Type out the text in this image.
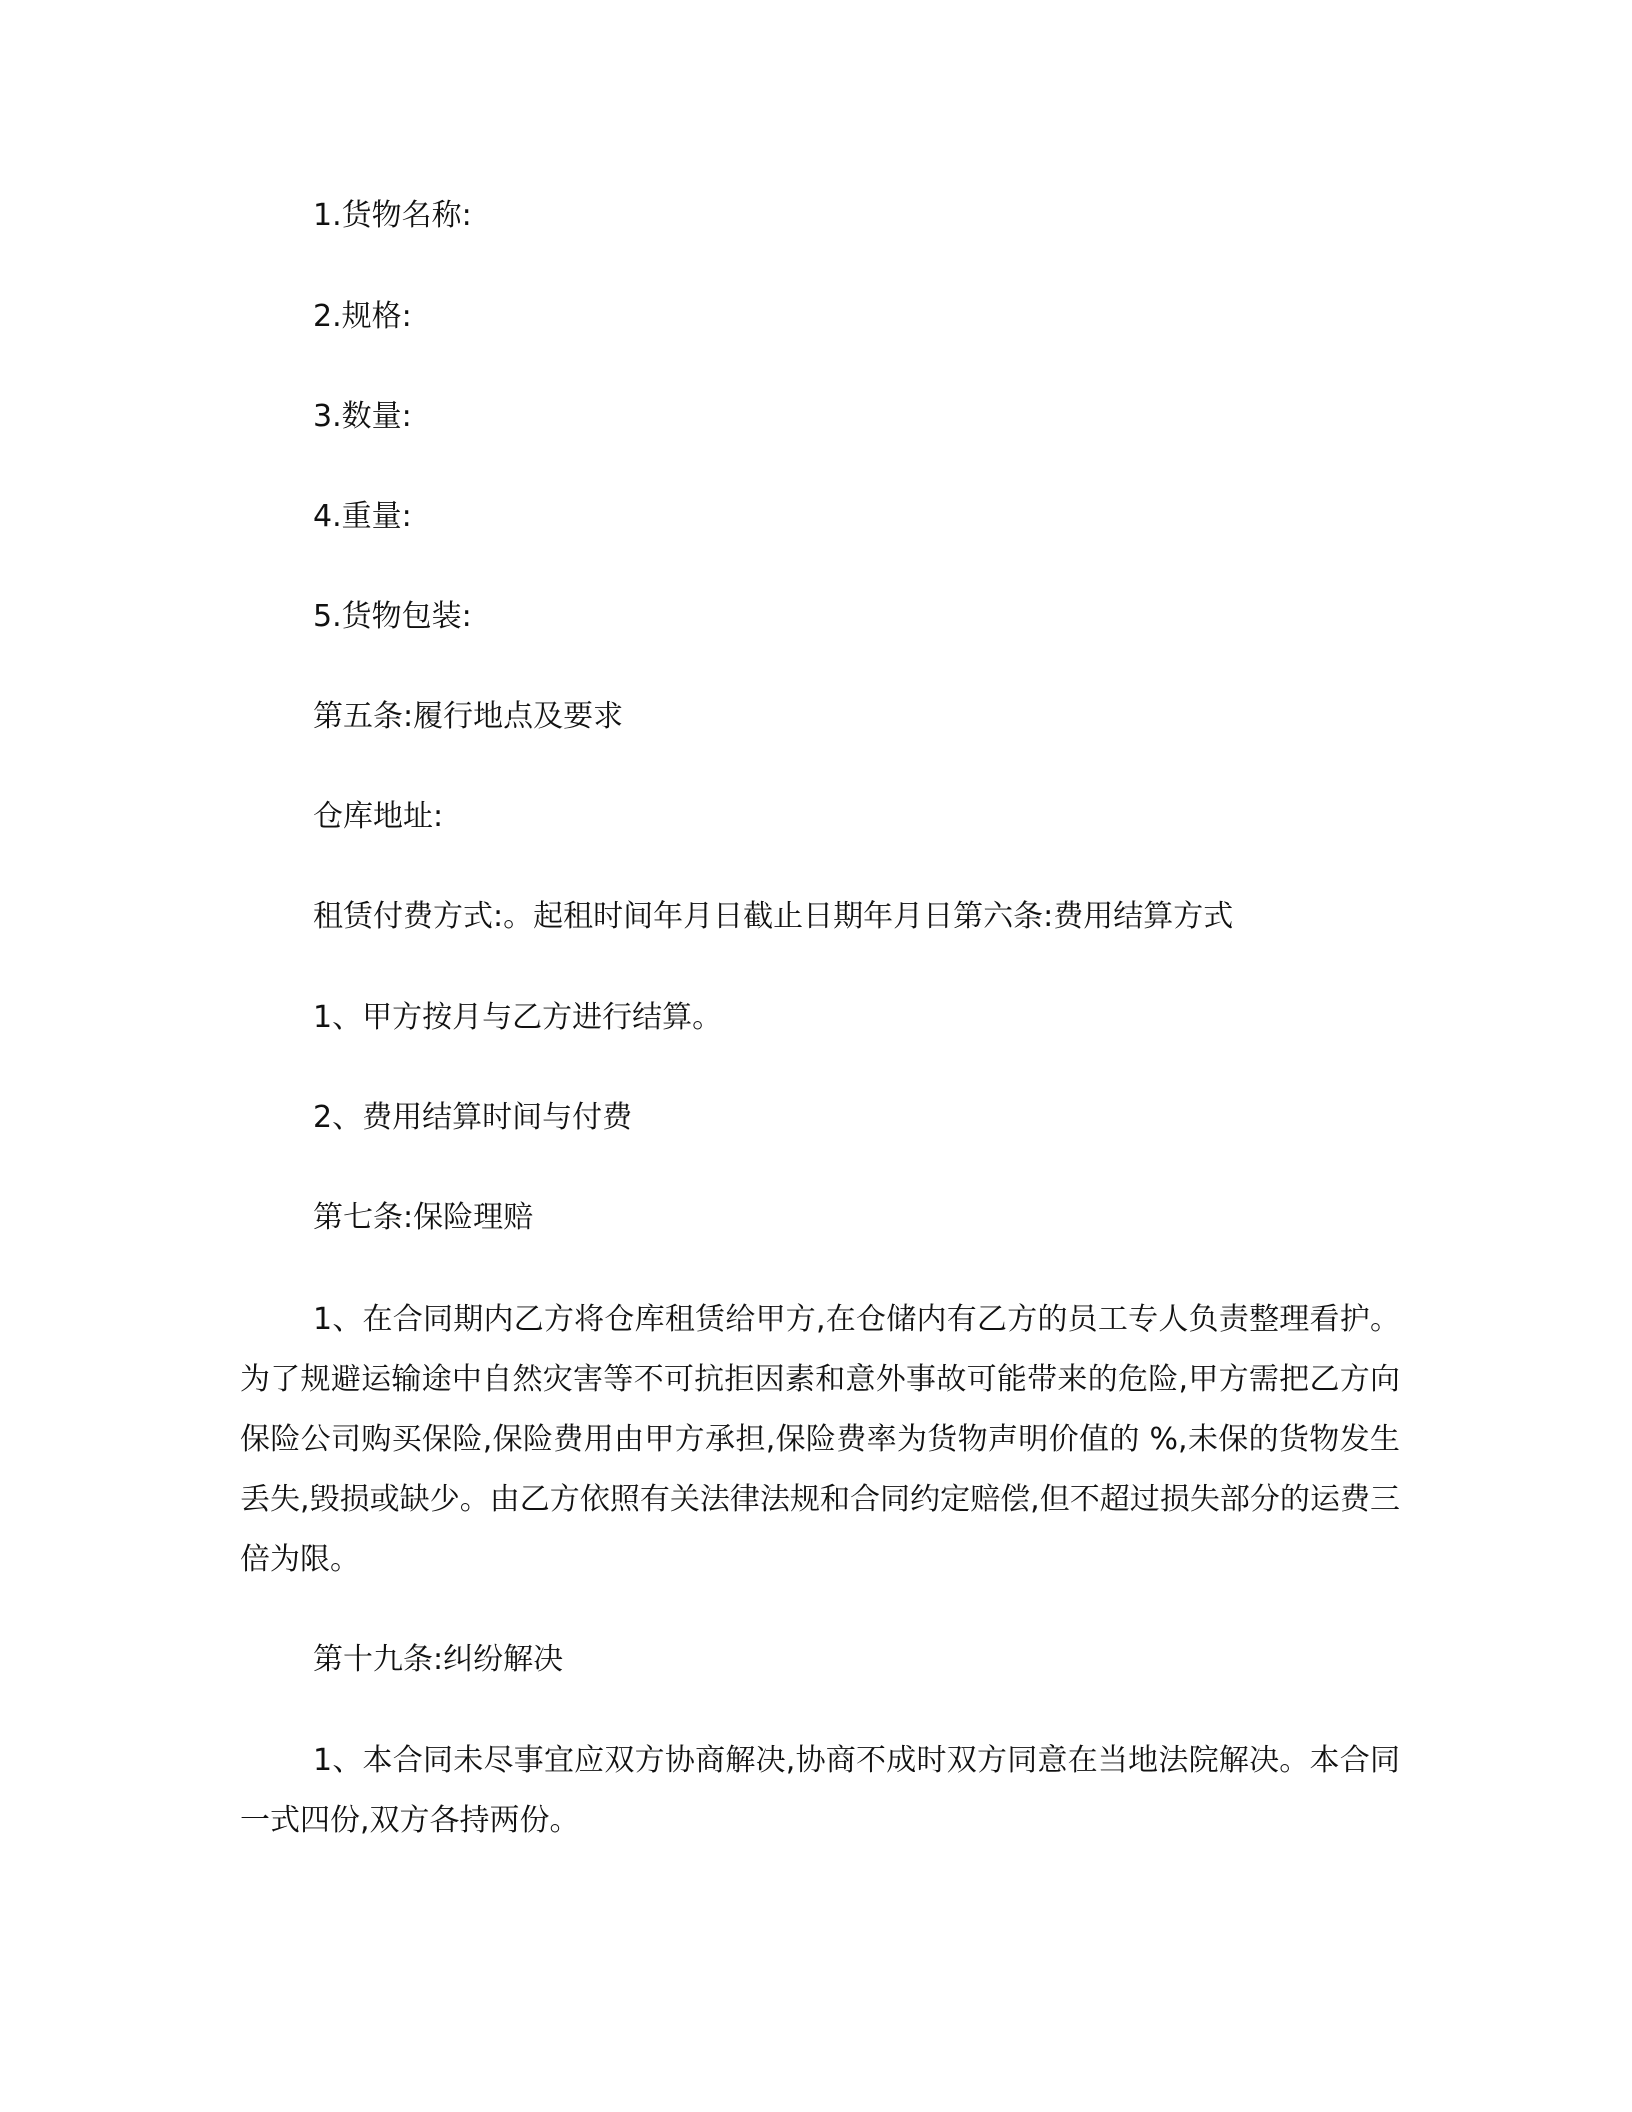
1.货物名称:
2.规格:
3.数量:
4.重量:
5.货物包装:
第五条:履行地点及要求
仓库地址:
租赁付费方式:。起租时间年月日截止日期年月日第六条:费用结算方式
1、甲方按月与乙方进行结算。
2、费用结算时间与付费
第七条:保险理赔
1、在合同期内乙方将仓库租赁给甲方,在仓储内有乙方的员工专人负责整理看护。为了规避运输途中自然灾害等不可抗拒因素和意外事故可能带来的危险,甲方需把乙方向保险公司购买保险,保险费用由甲方承担,保险费率为货物声明价值的 %,未保的货物发生丢失,毁损或缺少。由乙方依照有关法律法规和合同约定赔偿,但不超过损失部分的运费三倍为限。
第十九条:纠纷解决
1、本合同未尽事宜应双方协商解决,协商不成时双方同意在当地法院解决。本合同一式四份,双方各持两份。
